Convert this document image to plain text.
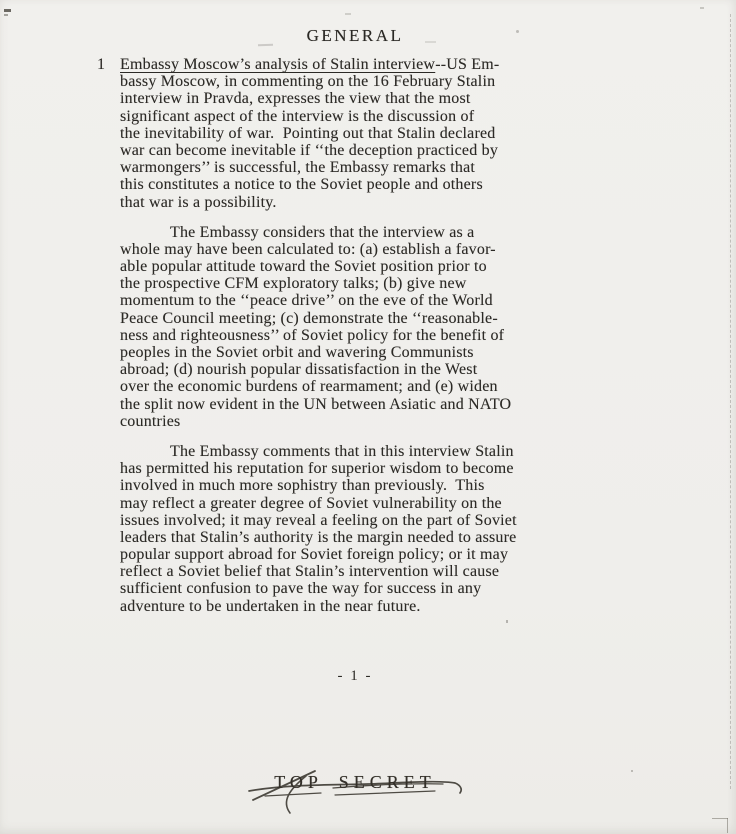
GENERAL
1 Embassy Moscow’s analysis of Stalin interview--US Em-
bassy Moscow, in commenting on the 16 February Stalin
interview in Pravda, expresses the view that the most
significant aspect of the interview is the discussion of
the inevitability of war.  Pointing out that Stalin declared
war can become inevitable if ‘‘the deception practiced by
warmongers’’ is successful, the Embassy remarks that
this constitutes a notice to the Soviet people and others
that war is a possibility.
The Embassy considers that the interview as a
whole may have been calculated to: (a) establish a favor-
able popular attitude toward the Soviet position prior to
the prospective CFM exploratory talks; (b) give new
momentum to the ‘‘peace drive’’ on the eve of the World
Peace Council meeting; (c) demonstrate the ‘‘reasonable-
ness and righteousness’’ of Soviet policy for the benefit of
peoples in the Soviet orbit and wavering Communists
abroad; (d) nourish popular dissatisfaction in the West
over the economic burdens of rearmament; and (e) widen
the split now evident in the UN between Asiatic and NATO
countries
The Embassy comments that in this interview Stalin
has permitted his reputation for superior wisdom to become
involved in much more sophistry than previously.  This
may reflect a greater degree of Soviet vulnerability on the
issues involved; it may reveal a feeling on the part of Soviet
leaders that Stalin’s authority is the margin needed to assure
popular support abroad for Soviet foreign policy; or it may
reflect a Soviet belief that Stalin’s intervention will cause
sufficient confusion to pave the way for success in any
adventure to be undertaken in the near future.
- 1 -
TOP SECRET
